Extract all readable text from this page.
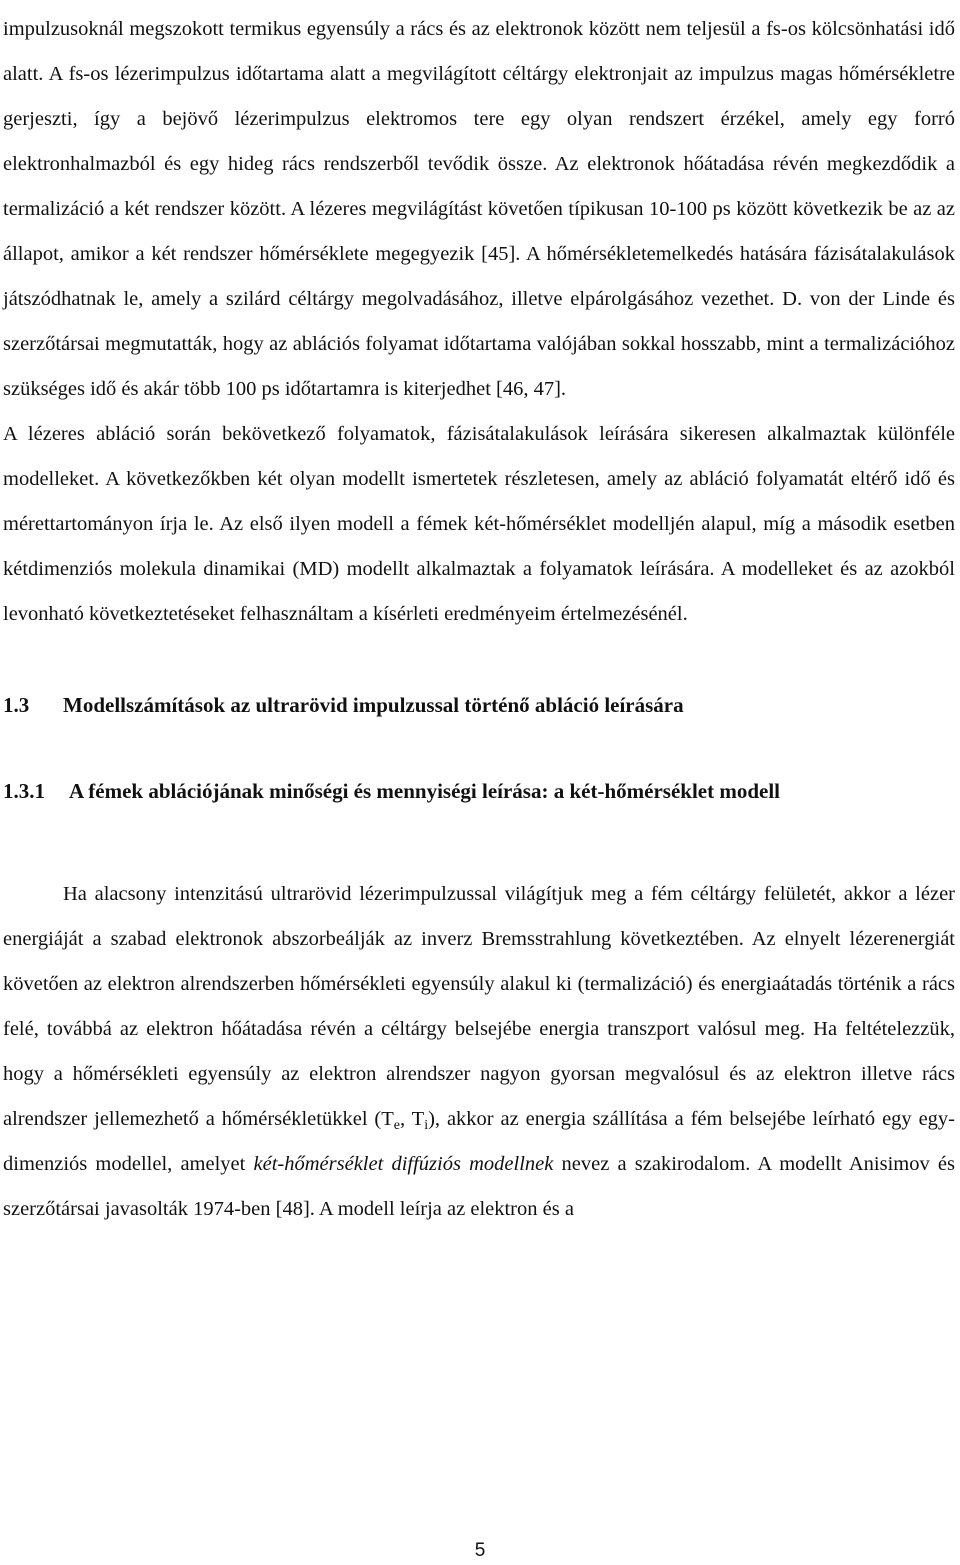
impulzusoknál megszokott termikus egyensúly a rács és az elektronok között nem teljesül a fs-os kölcsönhatási idő alatt. A fs-os lézerimpulzus időtartama alatt a megvilágított céltárgy elektronjait az impulzus magas hőmérsékletre gerjeszti, így a bejövő lézerimpulzus elektromos tere egy olyan rendszert érzékel, amely egy forró elektronhalmazból és egy hideg rács rendszerből tevődik össze. Az elektronok hőátadása révén megkezdődik a termalizáció a két rendszer között. A lézeres megvilágítást követően típikusan 10-100 ps között következik be az az állapot, amikor a két rendszer hőmérséklete megegyezik [45]. A hőmérsékletemelkedés hatására fázisátalakulások játszódhatnak le, amely a szilárd céltárgy megolvadásához, illetve elpárolgásához vezethet. D. von der Linde és szerzőtársai megmutatták, hogy az ablációs folyamat időtartama valójában sokkal hosszabb, mint a termalizációhoz szükséges idő és akár több 100 ps időtartamra is kiterjedhet [46, 47].

A lézeres abláció során bekövetkező folyamatok, fázisátalakulások leírására sikeresen alkalmaztak különféle modelleket. A következőkben két olyan modellt ismertetek részletesen, amely az abláció folyamatát eltérő idő és mérettartományon írja le. Az első ilyen modell a fémek két-hőmérséklet modelljén alapul, míg a második esetben kétdimenziós molekula dinamikai (MD) modellt alkalmaztak a folyamatok leírására. A modelleket és az azokból levonható következtetéseket felhasználtam a kísérleti eredményeim értelmezésénél.

1.3 Modellszámítások az ultrarövid impulzussal történő abláció leírására
1.3.1 A fémek ablációjának minőségi és mennyiségi leírása: a két-hőmérséklet modell

Ha alacsony intenzitású ultrarövid lézerimpulzussal világítjuk meg a fém céltárgy felületét, akkor a lézer energiáját a szabad elektronok abszorbeálják az inverz Bremsstrahlung következtében. Az elnyelt lézerenergiát követően az elektron alrendszerben hőmérsékleti egyensúly alakul ki (termalizáció) és energiaátadás történik a rács felé, továbbá az elektron hőátadása révén a céltárgy belsejébe energia transzport valósul meg. Ha feltételezzük, hogy a hőmérsékleti egyensúly az elektron alrendszer nagyon gyorsan megvalósul és az elektron illetve rács alrendszer jellemezhető a hőmérsékletükkel ($T_e$, $T_i$), akkor az energia szállítása a fém belsejébe leírható egy egy-dimenziós modellel, amelyet két-hőmérséklet diffúziós modellnek nevez a szakirodalom. A modellt Anisimov és szerzőtársai javasolták 1974-ben [48]. A modell leírja az elektron és a

5
